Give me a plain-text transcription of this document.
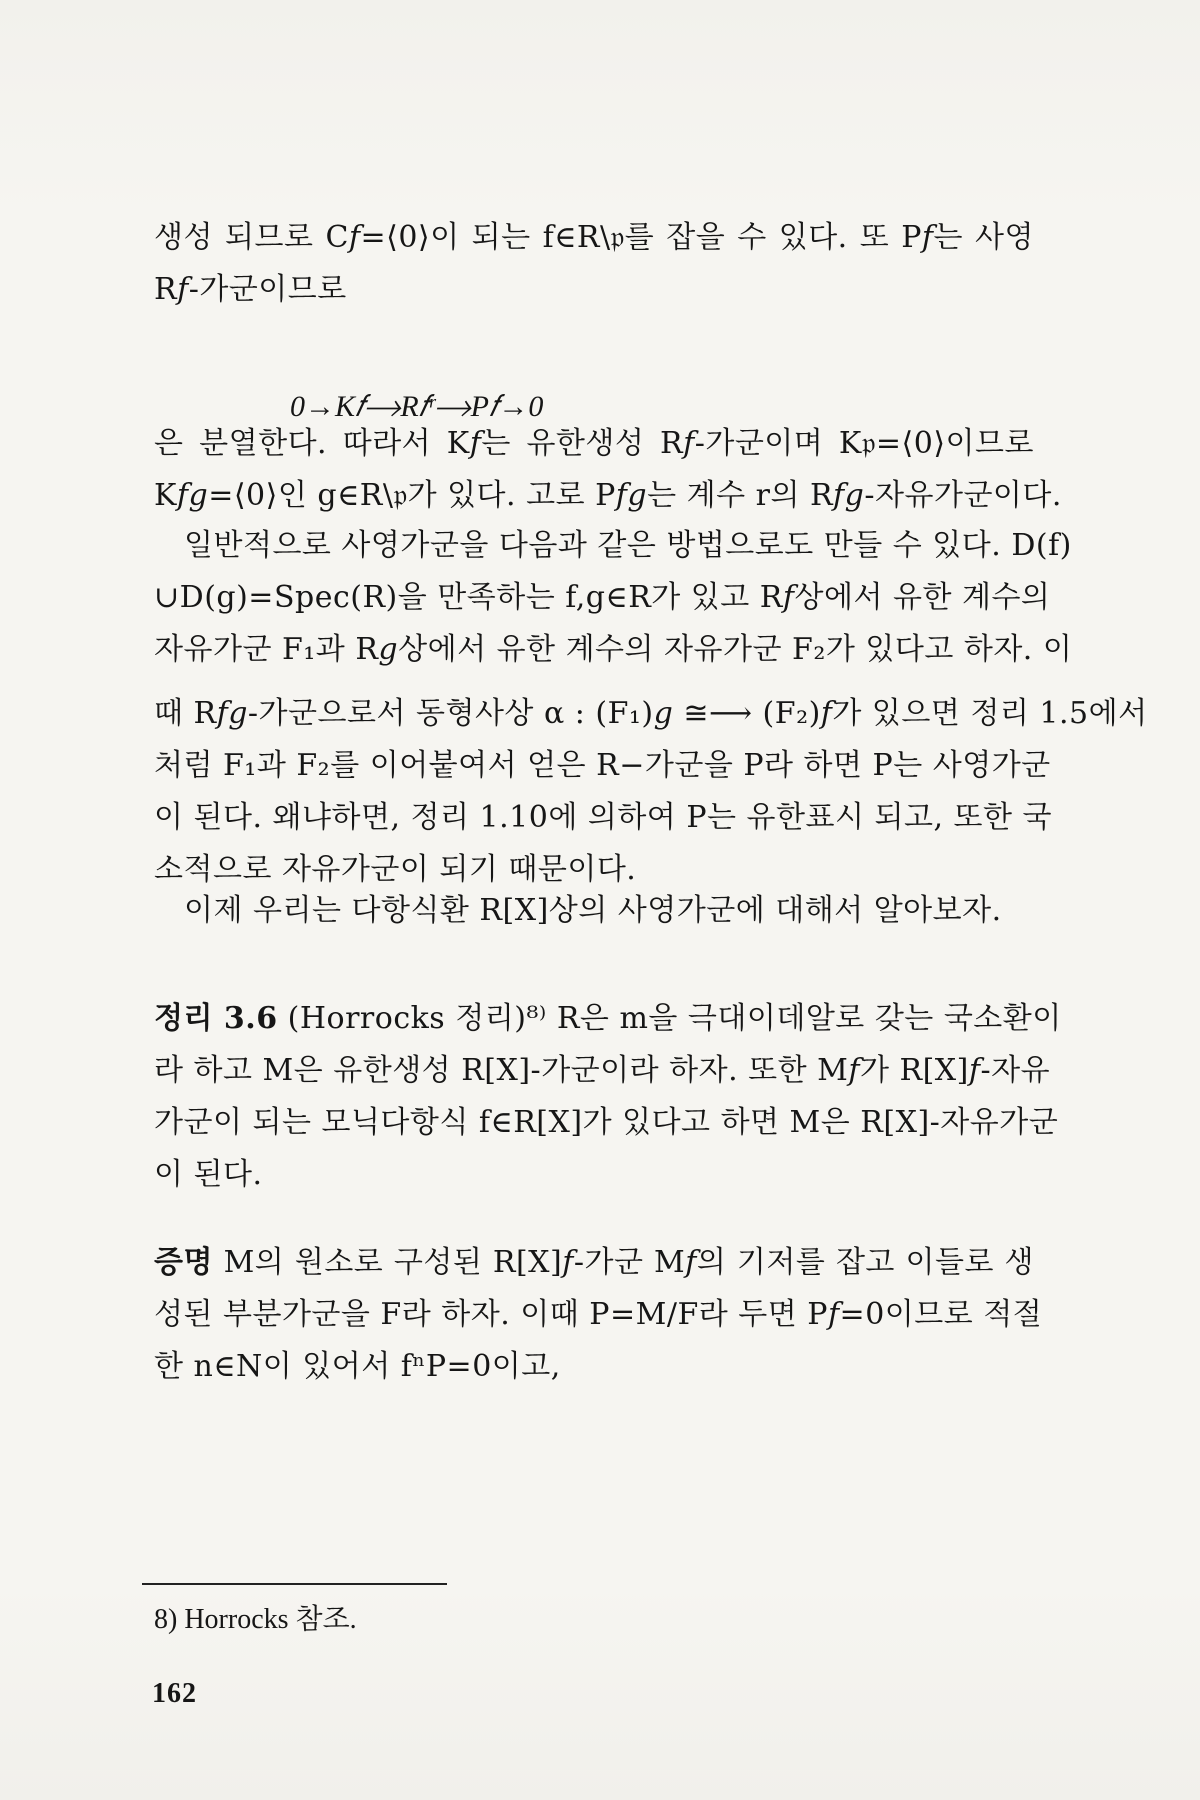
생성 되므로 C𝑓=⟨0⟩이 되는 f∈R\𝔭를 잡을 수 있다. 또 P𝑓는 사영
R𝑓-가군이므로
0→K𝑓⟶R𝑓ʳ⟶P𝑓→0
은 분열한다. 따라서 K𝑓는 유한생성 R𝑓-가군이며 K𝔭=⟨0⟩이므로
K𝑓𝑔=⟨0⟩인 g∈R\𝔭가 있다. 고로 P𝑓𝑔는 계수 r의 R𝑓𝑔-자유가군이다.
일반적으로 사영가군을 다음과 같은 방법으로도 만들 수 있다. D(f)
∪D(g)=Spec(R)을 만족하는 f,g∈R가 있고 R𝑓상에서 유한 계수의
자유가군 F₁과 R𝑔상에서 유한 계수의 자유가군 F₂가 있다고 하자. 이
때 R𝑓𝑔-가군으로서 동형사상 α : (F₁)𝑔 ≅⟶ (F₂)𝑓가 있으면 정리 1.5에서
처럼 F₁과 F₂를 이어붙여서 얻은 R−가군을 P라 하면 P는 사영가군
이 된다. 왜냐하면, 정리 1.10에 의하여 P는 유한표시 되고, 또한 국
소적으로 자유가군이 되기 때문이다.
이제 우리는 다항식환 R[X]상의 사영가군에 대해서 알아보자.
정리 3.6 (Horrocks 정리)⁸⁾ R은 m을 극대이데알로 갖는 국소환이
라 하고 M은 유한생성 R[X]-가군이라 하자. 또한 M𝑓가 R[X]𝑓-자유
가군이 되는 모닉다항식 f∈R[X]가 있다고 하면 M은 R[X]-자유가군
이 된다.
증명 M의 원소로 구성된 R[X]𝑓-가군 M𝑓의 기저를 잡고 이들로 생
성된 부분가군을 F라 하자. 이때 P=M/F라 두면 P𝑓=0이므로 적절
한 n∈N이 있어서 fⁿP=0이고,
8) Horrocks 참조.
162
